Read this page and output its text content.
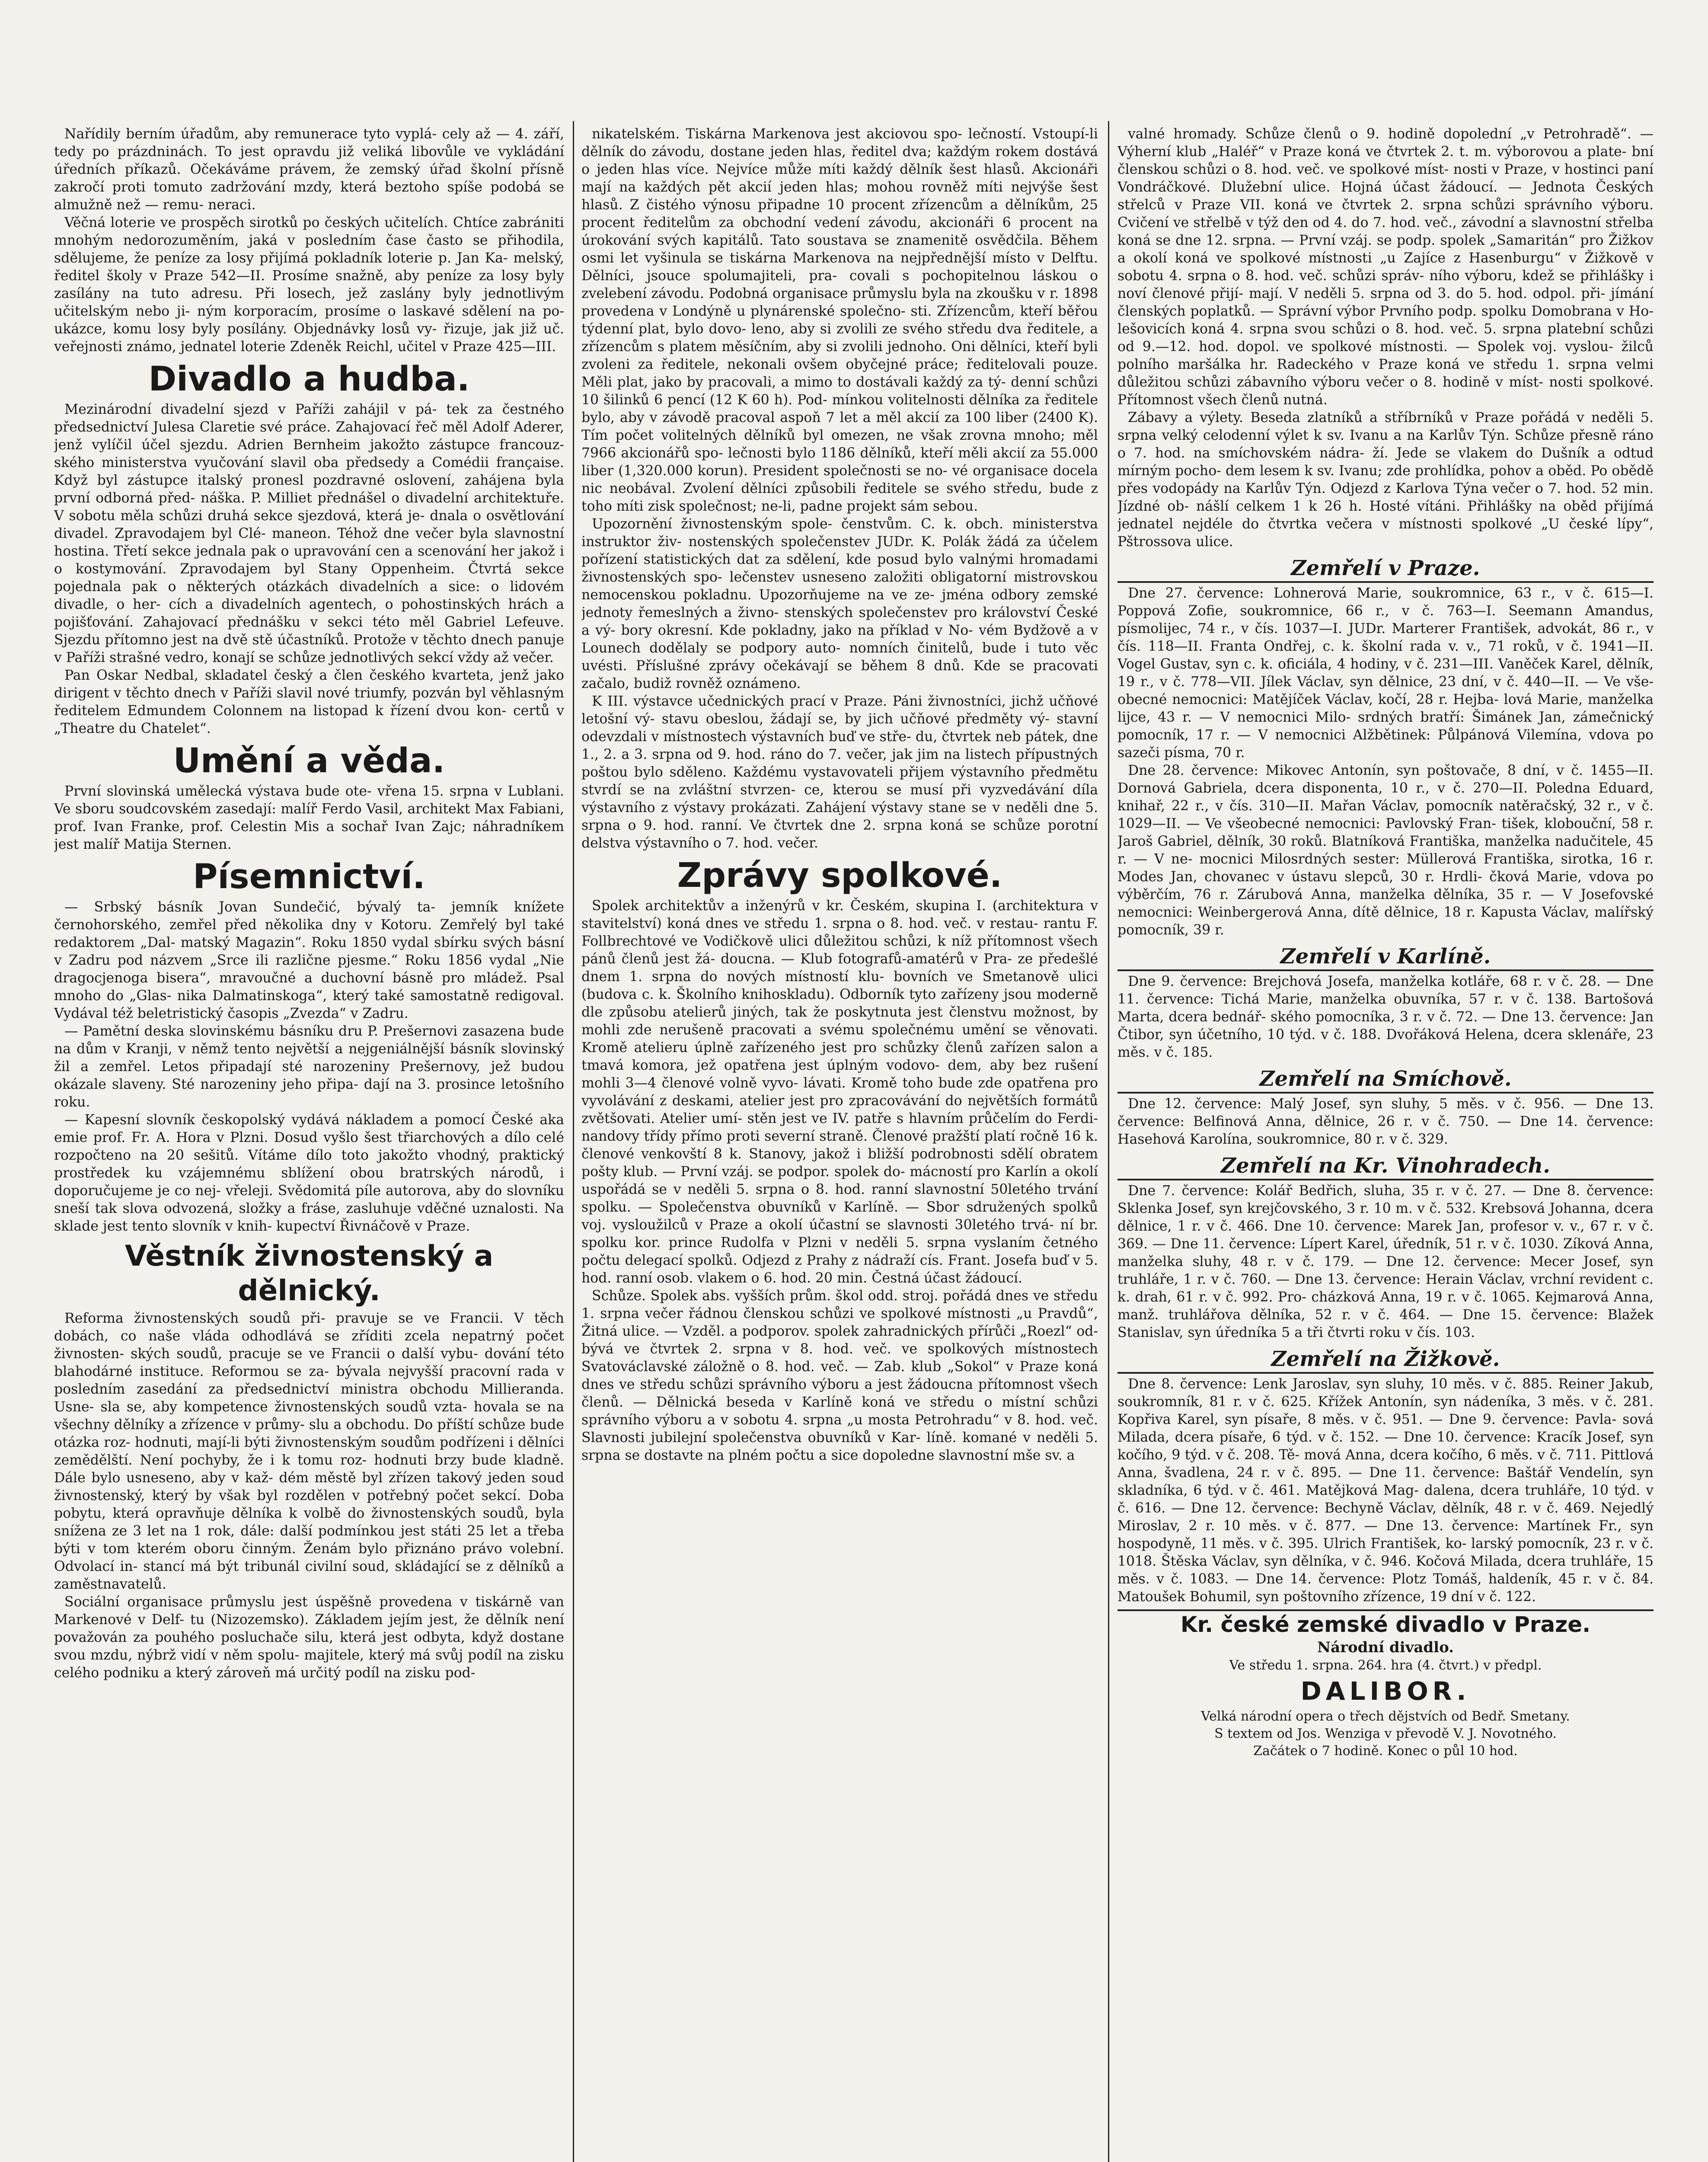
Nařídily berním úřadům, aby remunerace tyto vyplá- cely až — 4. září, tedy po prázdninách. To jest opravdu již veliká libovůle ve vykládání úředních příkazů. Očekáváme právem, že zemský úřad školní přísně zakročí proti tomuto zadržování mzdy, která beztoho spíše podobá se almužně než — remu- neraci.

Věčná loterie ve prospěch sirotků po českých učitelích. Chtíce zabrániti mnohým nedorozuměním, jaká v posledním čase často se přihodila, sdělujeme, že peníze za losy přijímá pokladník loterie p. Jan Ka- melský, ředitel školy v Praze 542—II. Prosíme snažně, aby peníze za losy byly zasílány na tuto adresu. Při losech, jež zaslány byly jednotlivým učitelským nebo ji- ným korporacím, prosíme o laskavé sdělení na po- ukázce, komu losy byly posílány. Objednávky losů vy- řizuje, jak již uč. veřejnosti známo, jednatel loterie Zdeněk Reichl, učitel v Praze 425—III.

Divadlo a hudba.

Mezinárodní divadelní sjezd v Paříži zahájil v pá- tek za čestného předsednictví Julesa Claretie své práce. Zahajovací řeč měl Adolf Aderer, jenž vylíčil účel sjezdu. Adrien Bernheim jakožto zástupce francouz- ského ministerstva vyučování slavil oba předsedy a Comédii française. Když byl zástupce italský pronesl pozdravné oslovení, zahájena byla první odborná před- náška. P. Milliet přednášel o divadelní architektuře. V sobotu měla schůzi druhá sekce sjezdová, která je- dnala o osvětlování divadel. Zpravodajem byl Clé- maneon. Téhož dne večer byla slavnostní hostina. Třetí sekce jednala pak o upravování cen a scenování her jakož i o kostymování. Zpravodajem byl Stany Oppenheim. Čtvrtá sekce pojednala pak o některých otázkách divadelních a sice: o lidovém divadle, o her- cích a divadelních agentech, o pohostinských hrách a pojišťování. Zahajovací přednášku v sekci této měl Gabriel Lefeuve. Sjezdu přítomno jest na dvě stě účastníků. Protože v těchto dnech panuje v Paříži strašné vedro, konají se schůze jednotlivých sekcí vždy až večer.

Pan Oskar Nedbal, skladatel český a člen českého kvarteta, jenž jako dirigent v těchto dnech v Paříži slavil nové triumfy, pozván byl věhlasným ředitelem Edmundem Colonnem na listopad k řízení dvou kon- certů v „Theatre du Chatelet“.

Umění a věda.

První slovinská umělecká výstava bude ote- vřena 15. srpna v Lublani. Ve sboru soudcovském zasedají: malíř Ferdo Vasil, architekt Max Fabiani, prof. Ivan Franke, prof. Celestin Mis a sochař Ivan Zajc; náhradníkem jest malíř Matija Sternen.

Písemnictví.

— Srbský básník Jovan Sundečić, bývalý ta- jemník knížete černohorského, zemřel před několika dny v Kotoru. Zemřelý byl také redaktorem „Dal- matský Magazin“. Roku 1850 vydal sbírku svých básní v Zadru pod názvem „Srce ili različne pjesme.“ Roku 1856 vydal „Nie dragocjenoga bisera“, mravoučné a duchovní básně pro mládež. Psal mnoho do „Glas- nika Dalmatinskoga“, který také samostatně redigoval. Vydával též beletristický časopis „Zvezda“ v Zadru.

— Pamětní deska slovinskému básníku dru P. Prešernovi zasazena bude na dům v Kranji, v němž tento největší a nejgeniálnější básník slovinský žil a zemřel. Letos připadají sté narozeniny Prešernovy, jež budou okázale slaveny. Sté narozeniny jeho připa- dají na 3. prosince letošního roku.

— Kapesní slovník českopolský vydává nákladem a pomocí České aka emie prof. Fr. A. Hora v Plzni. Dosud vyšlo šest třiarchových a dílo celé rozpočteno na 20 sešitů. Vítáme dílo toto jakožto vhodný, praktický prostředek ku vzájemnému sblížení obou bratrských národů, i doporučujeme je co nej- vřeleji. Svědomitá píle autorova, aby do slovníku sneší tak slova odvozená, složky a fráse, zasluhuje vděčné uznalosti. Na sklade jest tento slovník v knih- kupectví Řivnáčově v Praze.

Věstník živnostenský a dělnický.

Reforma živnostenských soudů při- pravuje se ve Francii. V těch dobách, co naše vláda odhodlává se zříditi zcela nepatrný počet živnosten- ských soudů, pracuje se ve Francii o další vybu- dování této blahodárné instituce. Reformou se za- bývala nejvyšší pracovní rada v posledním zasedání za předsednictví ministra obchodu Millieranda. Usne- sla se, aby kompetence živnostenských soudů vzta- hovala se na všechny dělníky a zřízence v průmy- slu a obchodu. Do příští schůze bude otázka roz- hodnuti, mají-li býti živnostenským soudům podřízeni i dělníci zemědělští. Není pochyby, že i k tomu roz- hodnuti brzy bude kladně. Dále bylo usneseno, aby v kaž- dém městě byl zřízen takový jeden soud živnostenský, který by však byl rozdělen v potřebný počet sekcí. Doba pobytu, která opravňuje dělníka k volbě do živnostenských soudů, byla snížena ze 3 let na 1 rok, dále: další podmínkou jest státi 25 let a třeba býti v tom kterém oboru činným. Ženám bylo přiznáno právo volební. Odvolací in- stancí má být tribunál civilní soud, skládající se z dělníků a zaměstnavatelů.

Sociální organisace průmyslu jest úspěšně provedena v tiskárně van Markenové v Delf- tu (Nizozemsko). Základem jejím jest, že dělník není považován za pouhého posluchače silu, která jest odbyta, když dostane svou mzdu, nýbrž vidí v něm spolu- majitele, který má svůj podíl na zisku celého podniku a který zároveň má určitý podíl na zisku pod-

nikatelském. Tiskárna Markenova jest akciovou spo- lečností. Vstoupí-li dělník do závodu, dostane jeden hlas, ředitel dva; každým rokem dostává o jeden hlas více. Nejvíce může míti každý dělník šest hlasů. Akcionáři mají na každých pět akcií jeden hlas; mohou rovněž míti nejvýše šest hlasů. Z čistého výnosu připadne 10 procent zřízencům a dělníkům, 25 procent ředitelům za obchodní vedení závodu, akcionáři 6 procent na úrokování svých kapitálů. Tato soustava se znamenitě osvědčila. Během osmi let vyšinula se tiskárna Markenova na nejpřednější místo v Delftu. Dělníci, jsouce spolumajiteli, pra- covali s pochopitelnou láskou o zvelebení závodu. Podobná organisace průmyslu byla na zkoušku v r. 1898 provedena v Londýně u plynárenské společno- sti. Zřízencům, kteří běřou týdenní plat, bylo dovo- leno, aby si zvolili ze svého středu dva ředitele, a zřízencům s platem měsíčním, aby si zvolili jednoho. Oni dělníci, kteří byli zvoleni za ředitele, nekonali ovšem obyčejné práce; ředitelovali pouze. Měli plat, jako by pracovali, a mimo to dostávali každý za tý- denní schůzi 10 šilinků 6 pencí (12 K 60 h). Pod- mínkou volitelnosti dělníka za ředitele bylo, aby v závodě pracoval aspoň 7 let a měl akcií za 100 liber (2400 K). Tím počet volitelných dělníků byl omezen, ne však zrovna mnoho; měl 7966 akcionářů spo- lečnosti bylo 1186 dělníků, kteří měli akcií za 55.000 liber (1,320.000 korun). President společnosti se no- vé organisace docela nic neobával. Zvolení dělníci způsobili ředitele se svého středu, bude z toho míti zisk společnost; ne-li, padne projekt sám sebou.

Upozornění živnostenským spole- čenstvům. C. k. obch. ministerstva instruktor živ- nostenských společenstev JUDr. K. Polák žádá za účelem pořízení statistických dat za sdělení, kde posud bylo valnými hromadami živnostenských spo- lečenstev usneseno založiti obligatorní mistrovskou nemocenskou pokladnu. Upozorňujeme na ve ze- jména odbory zemské jednoty řemeslných a živno- stenských společenstev pro království České a vý- bory okresní. Kde pokladny, jako na příklad v No- vém Bydžově a v Lounech dodělaly se podpory auto- nomních činitelů, bude i tuto věc uvésti. Příslušné zprávy očekávají se během 8 dnů. Kde se pracovati začalo, budiž rovněž oznámeno.

K III. výstavce učednických prací v Praze. Páni živnostníci, jichž učňové letošní vý- stavu obeslou, žádají se, by jich učňové předměty vý- stavní odevzdali v místnostech výstavních buď ve stře- du, čtvrtek neb pátek, dne 1., 2. a 3. srpna od 9. hod. ráno do 7. večer, jak jim na listech přípustných poštou bylo sděleno. Každému vystavovateli přijem výstavního předmětu stvrdí se na zvláštní stvrzen- ce, kterou se musí při vyzvedávání díla výstavního z výstavy prokázati. Zahájení výstavy stane se v neděli dne 5. srpna o 9. hod. ranní. Ve čtvrtek dne 2. srpna koná se schůze porotní delstva výstavního o 7. hod. večer.

Zprávy spolkové.

Spolek architektův a inženýrů v kr. Českém, skupina I. (architektura v stavitelství) koná dnes ve středu 1. srpna o 8. hod. več. v restau- rantu F. Follbrechtové ve Vodičkově ulici důležitou schůzi, k níž přítomnost všech pánů členů jest žá- doucna. — Klub fotografů-amatérů v Pra- ze předešlé dnem 1. srpna do nových místností klu- bovních ve Smetanově ulici (budova c. k. Školního knihoskladu). Odborník tyto zařízeny jsou moderně dle způsobu atelierů jiných, tak že poskytnuta jest členstvu možnost, by mohli zde nerušeně pracovati a svému společnému umění se věnovati. Kromě atelieru úplně zařízeného jest pro schůzky členů zařízen salon a tmavá komora, jež opatřena jest úplným vodovo- dem, aby bez rušení mohli 3—4 členové volně vyvo- lávati. Kromě toho bude zde opatřena pro vyvolávání z deskami, atelier jest pro zpracovávání do největších formátů zvětšovati. Atelier umí- stěn jest ve IV. patře s hlavním průčelím do Ferdi- nandovy třídy přímo proti severní straně. Členové pražští platí ročně 16 k. členové venkovští 8 k. Stanovy, jakož i bližší podrobnosti sdělí obratem pošty klub. — První vzáj. se podpor. spolek do- mácností pro Karlín a okolí uspořádá se v neděli 5. srpna o 8. hod. ranní slavnostní 50letého trvání spolku. — Společenstva obuvníků v Karlíně. — Sbor sdružených spolků voj. vysloužilců v Praze a okolí účastní se slavnosti 30letého trvá- ní br. spolku kor. prince Rudolfa v Plzni v neděli 5. srpna vyslaním četného počtu delegací spolků. Odjezd z Prahy z nádraží cís. Frant. Josefa buď v 5. hod. ranní osob. vlakem o 6. hod. 20 min. Čestná účast žádoucí.

Schůze. Spolek abs. vyšších prům. škol odd. stroj. pořádá dnes ve středu 1. srpna večer řádnou členskou schůzi ve spolkové místnosti „u Pravdů“, Žitná ulice. — Vzděl. a podporov. spolek zahradnických přírůči „Roezl“ od- bývá ve čtvrtek 2. srpna v 8. hod. več. ve spolkových místnostech Svatováclavské záložně o 8. hod. več. — Zab. klub „Sokol“ v Praze koná dnes ve středu schůzi správního výboru a jest žádoucna přítomnost všech členů. — Dělnická beseda v Karlíně koná ve středu o místní schůzi správního výboru a v sobotu 4. srpna „u mosta Petrohradu“ v 8. hod. več. Slavnosti jubilejní společenstva obuvníků v Kar- líně. komané v neděli 5. srpna se dostavte na plném počtu a sice dopoledne slavnostní mše sv. a

valné hromady. Schůze členů o 9. hodině dopolední „v Petrohradě“. — Výherní klub „Haléř“ v Praze koná ve čtvrtek 2. t. m. výborovou a plate- bní členskou schůzi o 8. hod. več. ve spolkové míst- nosti v Praze, v hostinci paní Vondráčkové. Dlužební ulice. Hojná účast žádoucí. — Jednota Českých střelců v Praze VII. koná ve čtvrtek 2. srpna schůzi správního výboru. Cvičení ve střelbě v týž den od 4. do 7. hod. več., závodní a slavnostní střelba koná se dne 12. srpna. — První vzáj. se podp. spolek „Samaritán“ pro Žižkov a okolí koná ve spolkové místnosti „u Zajíce z Hasenburgu“ v Žižkově v sobotu 4. srpna o 8. hod. več. schůzi správ- ního výboru, kdež se přihlášky i noví členové přijí- mají. V neděli 5. srpna od 3. do 5. hod. odpol. při- jímání členských poplatků. — Správní výbor Prvního podp. spolku Domobrana v Ho- lešovicích koná 4. srpna svou schůzi o 8. hod. več. 5. srpna platební schůzi od 9.—12. hod. dopol. ve spolkové místnosti. — Spolek voj. vyslou- žilců polního maršálka hr. Radeckého v Praze koná ve středu 1. srpna velmi důležitou schůzi zábavního výboru večer o 8. hodině v míst- nosti spolkové. Přítomnost všech členů nutná.

Zábavy a výlety. Beseda zlatníků a stříbrníků v Praze pořádá v neděli 5. srpna velký celodenní výlet k sv. Ivanu a na Karlův Týn. Schůze přesně ráno o 7. hod. na smíchovském nádra- ží. Jede se vlakem do Dušník a odtud mírným pocho- dem lesem k sv. Ivanu; zde prohlídka, pohov a oběd. Po obědě přes vodopády na Karlův Týn. Odjezd z Karlova Týna večer o 7. hod. 52 min. Jízdné ob- nášlí celkem 1 k 26 h. Hosté vítáni. Přihlášky na oběd přijímá jednatel nejdéle do čtvrtka večera v místnosti spolkové „U české lípy“, Pštrossova ulice.

Zemřelí v Praze.

Dne 27. července: Lohnerová Marie, soukromnice, 63 r., v č. 615—I. Poppová Zofie, soukromnice, 66 r., v č. 763—I. Seemann Amandus, písmolijec, 74 r., v čís. 1037—I. JUDr. Marterer František, advokát, 86 r., v čís. 118—II. Franta Ondřej, c. k. školní rada v. v., 71 roků, v č. 1941—II. Vogel Gustav, syn c. k. oficiála, 4 hodiny, v č. 231—III. Vaněček Karel, dělník, 19 r., v č. 778—VII. Jílek Václav, syn dělnice, 23 dní, v č. 440—II. — Ve vše- obecné nemocnici: Matějíček Václav, kočí, 28 r. Hejba- lová Marie, manželka lijce, 43 r. — V nemocnici Milo- srdných bratří: Šimánek Jan, zámečnický pomocník, 17 r. — V nemocnici Alžbětinek: Půlpánová Vilemína, vdova po sazeči písma, 70 r.

Dne 28. července: Mikovec Antonín, syn poštovače, 8 dní, v č. 1455—II. Dornová Gabriela, dcera disponenta, 10 r., v č. 270—II. Poledna Eduard, knihař, 22 r., v čís. 310—II. Mařan Václav, pomocník natěračský, 32 r., v č. 1029—II. — Ve všeobecné nemocnici: Pavlovský Fran- tišek, klobouční, 58 r. Jaroš Gabriel, dělník, 30 roků. Blatníková Františka, manželka nadučitele, 45 r. — V ne- mocnici Milosrdných sester: Müllerová Františka, sirotka, 16 r. Modes Jan, chovanec v ústavu slepců, 30 r. Hrdli- čková Marie, vdova po výběrčím, 76 r. Zárubová Anna, manželka dělníka, 35 r. — V Josefovské nemocnici: Weinbergerová Anna, dítě dělnice, 18 r. Kapusta Václav, malířský pomocník, 39 r.

Zemřelí v Karlíně.

Dne 9. července: Brejchová Josefa, manželka kotláře, 68 r. v č. 28. — Dne 11. července: Tichá Marie, manželka obuvníka, 57 r. v č. 138. Bartošová Marta, dcera bednář- ského pomocníka, 3 r. v č. 72. — Dne 13. července: Jan Čtibor, syn účetního, 10 týd. v č. 188. Dvořáková Helena, dcera sklenáře, 23 měs. v č. 185.

Zemřelí na Smíchově.

Dne 12. července: Malý Josef, syn sluhy, 5 měs. v č. 956. — Dne 13. července: Belfinová Anna, dělnice, 26 r. v č. 750. — Dne 14. července: Hasehová Karolína, soukromnice, 80 r. v č. 329.

Zemřelí na Kr. Vinohradech.

Dne 7. července: Kolář Bedřich, sluha, 35 r. v č. 27. — Dne 8. července: Sklenka Josef, syn krejčovského, 3 r. 10 m. v č. 532. Krebsová Johanna, dcera dělnice, 1 r. v č. 466. Dne 10. července: Marek Jan, profesor v. v., 67 r. v č. 369. — Dne 11. července: Lípert Karel, úředník, 51 r. v č. 1030. Zíková Anna, manželka sluhy, 48 r. v č. 179. — Dne 12. července: Mecer Josef, syn truhláře, 1 r. v č. 760. — Dne 13. července: Herain Václav, vrchní revident c. k. drah, 61 r. v č. 992. Pro- cházková Anna, 19 r. v č. 1065. Kejmarová Anna, manž. truhlářova dělníka, 52 r. v č. 464. — Dne 15. července: Blažek Stanislav, syn úředníka 5 a tři čtvrti roku v čís. 103.

Zemřelí na Žižkově.

Dne 8. července: Lenk Jaroslav, syn sluhy, 10 měs. v č. 885. Reiner Jakub, soukromník, 81 r. v č. 625. Křížek Antonín, syn nádeníka, 3 měs. v č. 281. Kopřiva Karel, syn písaře, 8 měs. v č. 951. — Dne 9. července: Pavla- sová Milada, dcera písaře, 6 týd. v č. 152. — Dne 10. července: Kracík Josef, syn kočího, 9 týd. v č. 208. Tě- mová Anna, dcera kočího, 6 měs. v č. 711. Pittlová Anna, švadlena, 24 r. v č. 895. — Dne 11. července: Baštář Vendelín, syn skladníka, 6 týd. v č. 461. Matějková Mag- dalena, dcera truhláře, 10 týd. v č. 616. — Dne 12. července: Bechyně Václav, dělník, 48 r. v č. 469. Nejedlý Miroslav, 2 r. 10 měs. v č. 877. — Dne 13. července: Martínek Fr., syn hospodyně, 11 měs. v č. 395. Ulrich František, ko- larský pomocník, 23 r. v č. 1018. Štěska Václav, syn dělníka, v č. 946. Kočová Milada, dcera truhláře, 15 měs. v č. 1083. — Dne 14. července: Plotz Tomáš, haldeník, 45 r. v č. 84. Matoušek Bohumil, syn poštovního zřízence, 19 dní v č. 122.

Kr. české zemské divadlo v Praze.

Národní divadlo.

Ve středu 1. srpna. 264. hra (4. čtvrt.) v předpl.

DALIBOR.

Velká národní opera o třech dějstvích od Bedř. Smetany.

S textem od Jos. Wenziga v převodě V. J. Novotného.

Začátek o 7 hodině. Konec o půl 10 hod.
